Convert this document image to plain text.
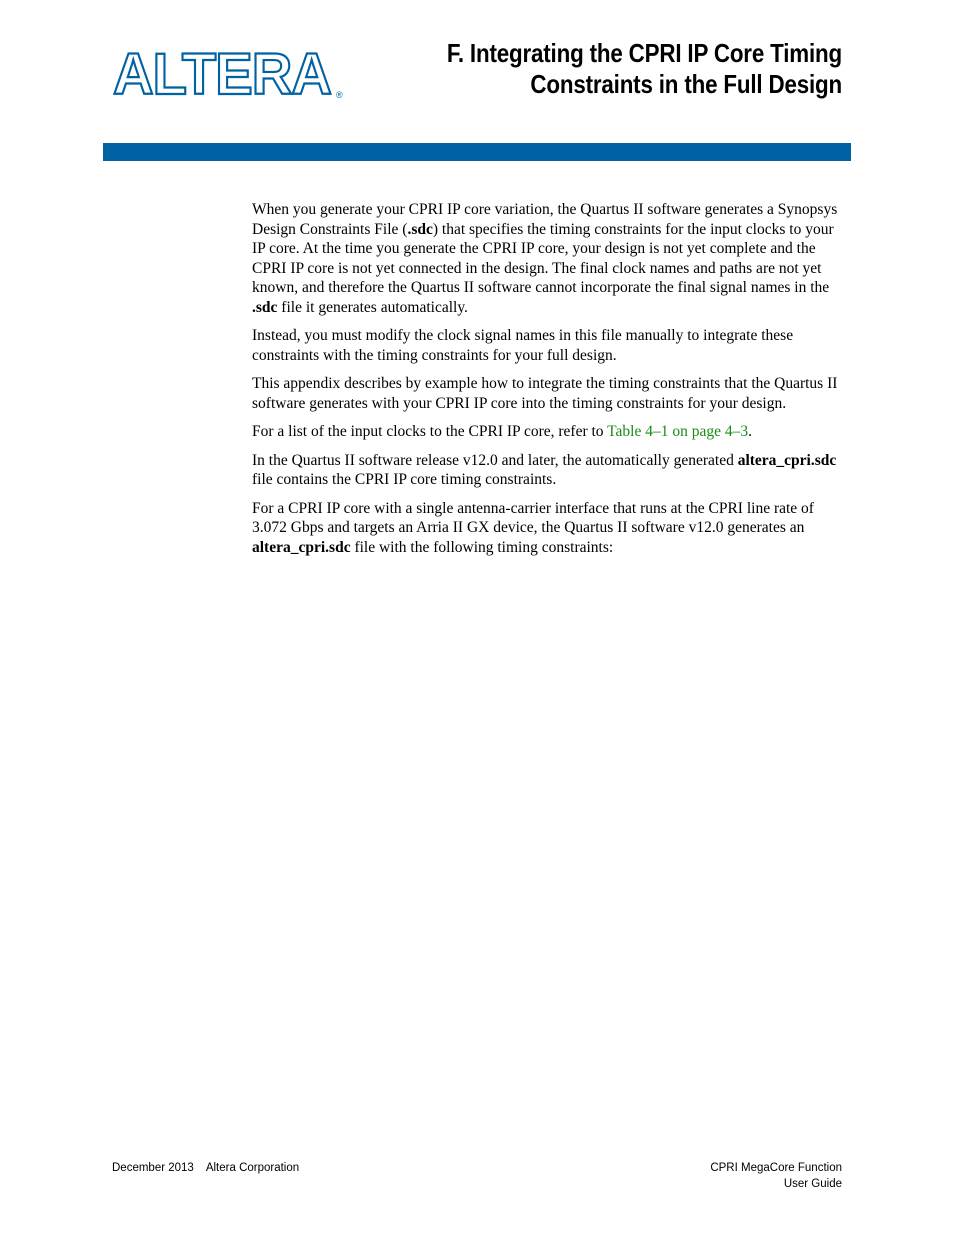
ALTERA ®
F. Integrating the CPRI IP Core Timing
Constraints in the Full Design

When you generate your CPRI IP core variation, the Quartus II software generates a Synopsys Design Constraints File (.sdc) that specifies the timing constraints for the input clocks to your IP core. At the time you generate the CPRI IP core, your design is not yet complete and the CPRI IP core is not yet connected in the design. The final clock names and paths are not yet known, and therefore the Quartus II software cannot incorporate the final signal names in the .sdc file it generates automatically.

Instead, you must modify the clock signal names in this file manually to integrate these constraints with the timing constraints for your full design.

This appendix describes by example how to integrate the timing constraints that the Quartus II software generates with your CPRI IP core into the timing constraints for your design.

For a list of the input clocks to the CPRI IP core, refer to Table 4–1 on page 4–3.

In the Quartus II software release v12.0 and later, the automatically generated altera_cpri.sdc file contains the CPRI IP core timing constraints.

For a CPRI IP core with a single antenna-carrier interface that runs at the CPRI line rate of 3.072 Gbps and targets an Arria II GX device, the Quartus II software v12.0 generates an altera_cpri.sdc file with the following timing constraints:

December 2013 Altera Corporation	CPRI MegaCore Function
User Guide
